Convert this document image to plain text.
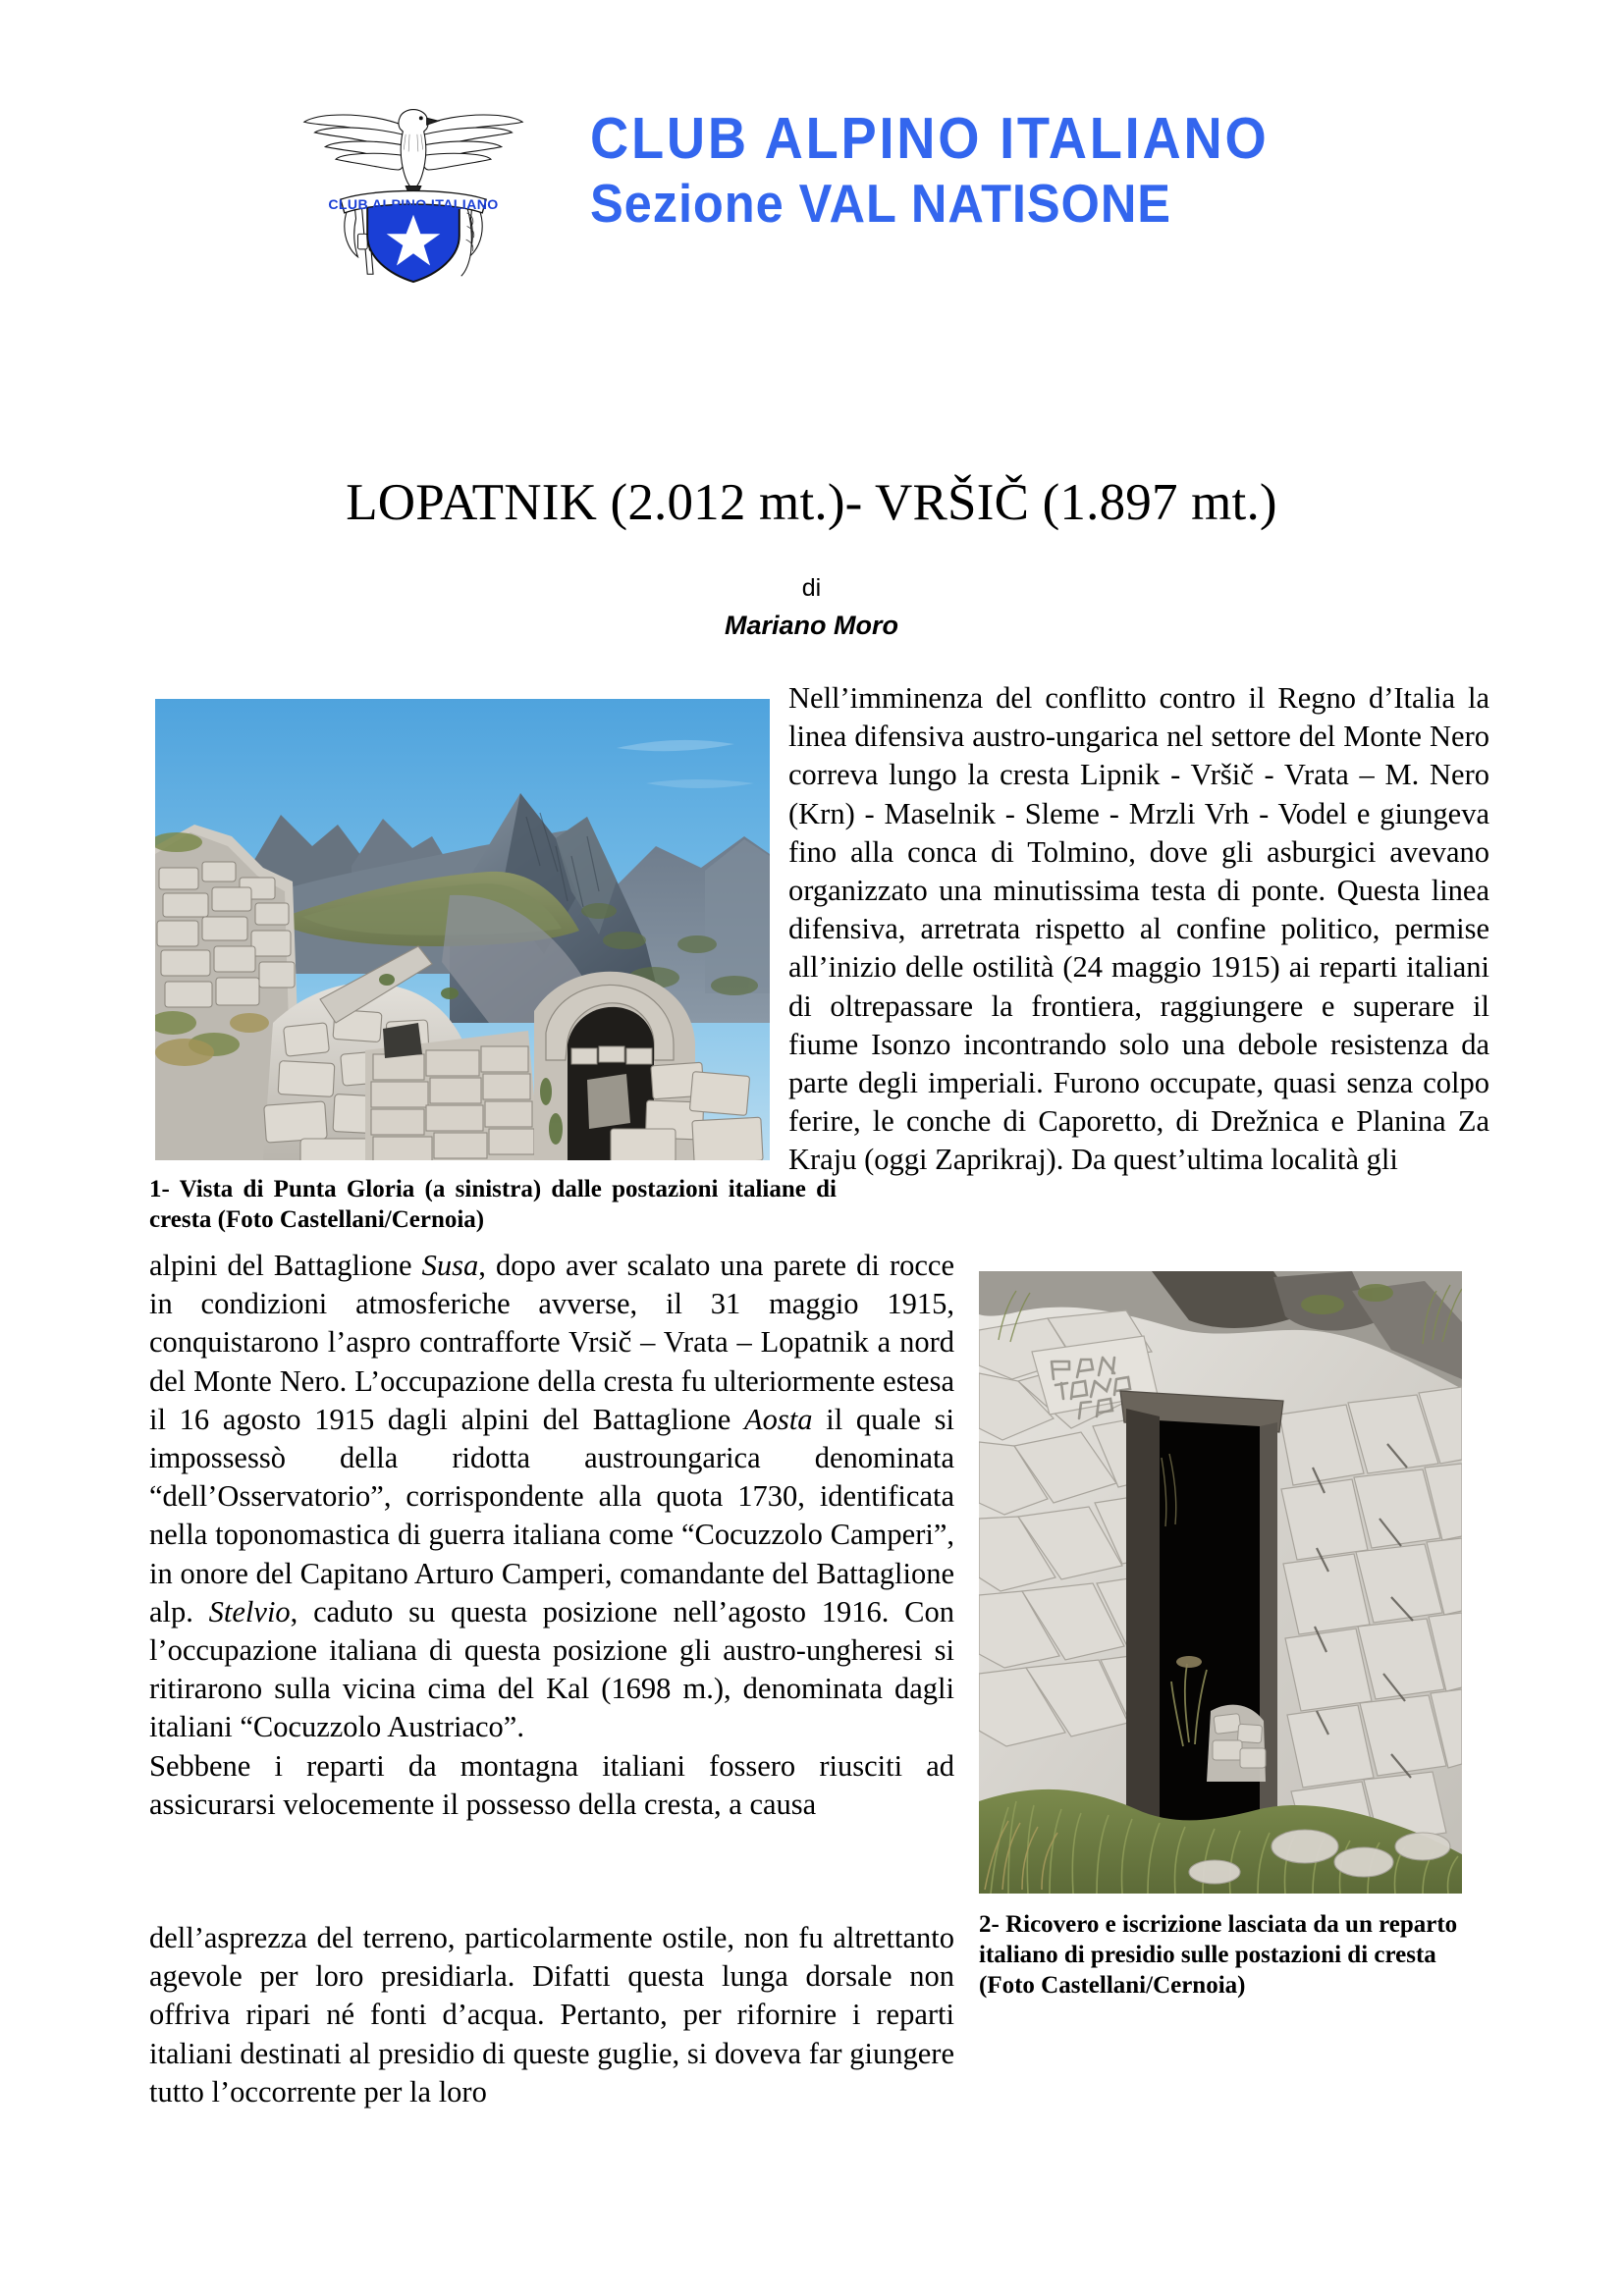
CLUB ALPINO ITALIANO
CLUB ALPINO ITALIANO
Sezione VAL NATISONE
LOPATNIK (2.012 mt.)- VRŠIČ (1.897 mt.)
di
Mariano Moro
1- Vista di Punta Gloria (a sinistra) dalle postazioni italiane di cresta (Foto Castellani/Cernoia)
Nell’imminenza del conflitto contro il Regno d’Italia la linea difensiva austro-ungarica nel settore del Monte Nero correva lungo la cresta Lipnik - Vršič - Vrata – M. Nero (Krn) - Maselnik - Sleme - Mrzli Vrh - Vodel e giungeva fino alla conca di Tolmino, dove gli asburgici avevano organizzato una minutissima testa di ponte. Questa linea difensiva, arretrata rispetto al confine politico, permise all’inizio delle ostilità (24 maggio 1915) ai reparti italiani di oltrepassare la frontiera, raggiungere e superare il fiume Isonzo incontrando solo una debole resistenza da parte degli imperiali. Furono occupate, quasi senza colpo ferire, le conche di Caporetto, di Drežnica e Planina Za Kraju (oggi Zaprikraj). Da quest’ultima località gli
alpini del Battaglione Susa, dopo aver scalato una parete di rocce in condizioni atmosferiche avverse, il 31 maggio 1915, conquistarono l’aspro contrafforte Vrsič – Vrata – Lopatnik a nord del Monte Nero. L’occupazione della cresta fu ulteriormente estesa il 16 agosto 1915 dagli alpini del Battaglione Aosta il quale si impossessò della ridotta austroungarica denominata “dell’Osservatorio”, corrispondente alla quota 1730, identificata nella toponomastica di guerra italiana come “Cocuzzolo Camperi”, in onore del Capitano Arturo Camperi, comandante del Battaglione alp. Stelvio, caduto su questa posizione nell’agosto 1916. Con l’occupazione italiana di questa posizione gli austro-ungheresi si ritirarono sulla vicina cima del Kal (1698 m.), denominata dagli italiani “Cocuzzolo Austriaco”.
Sebbene i reparti da montagna italiani fossero riusciti ad assicurarsi velocemente il possesso della cresta, a causa
2- Ricovero e iscrizione lasciata da un reparto italiano di presidio sulle postazioni di cresta
(Foto Castellani/Cernoia)
dell’asprezza del terreno, particolarmente ostile, non fu altrettanto agevole per loro presidiarla. Difatti questa lunga dorsale non offriva ripari né fonti d’acqua. Pertanto, per rifornire i reparti italiani destinati al presidio di queste guglie, si doveva far giungere tutto l’occorrente per la loro
